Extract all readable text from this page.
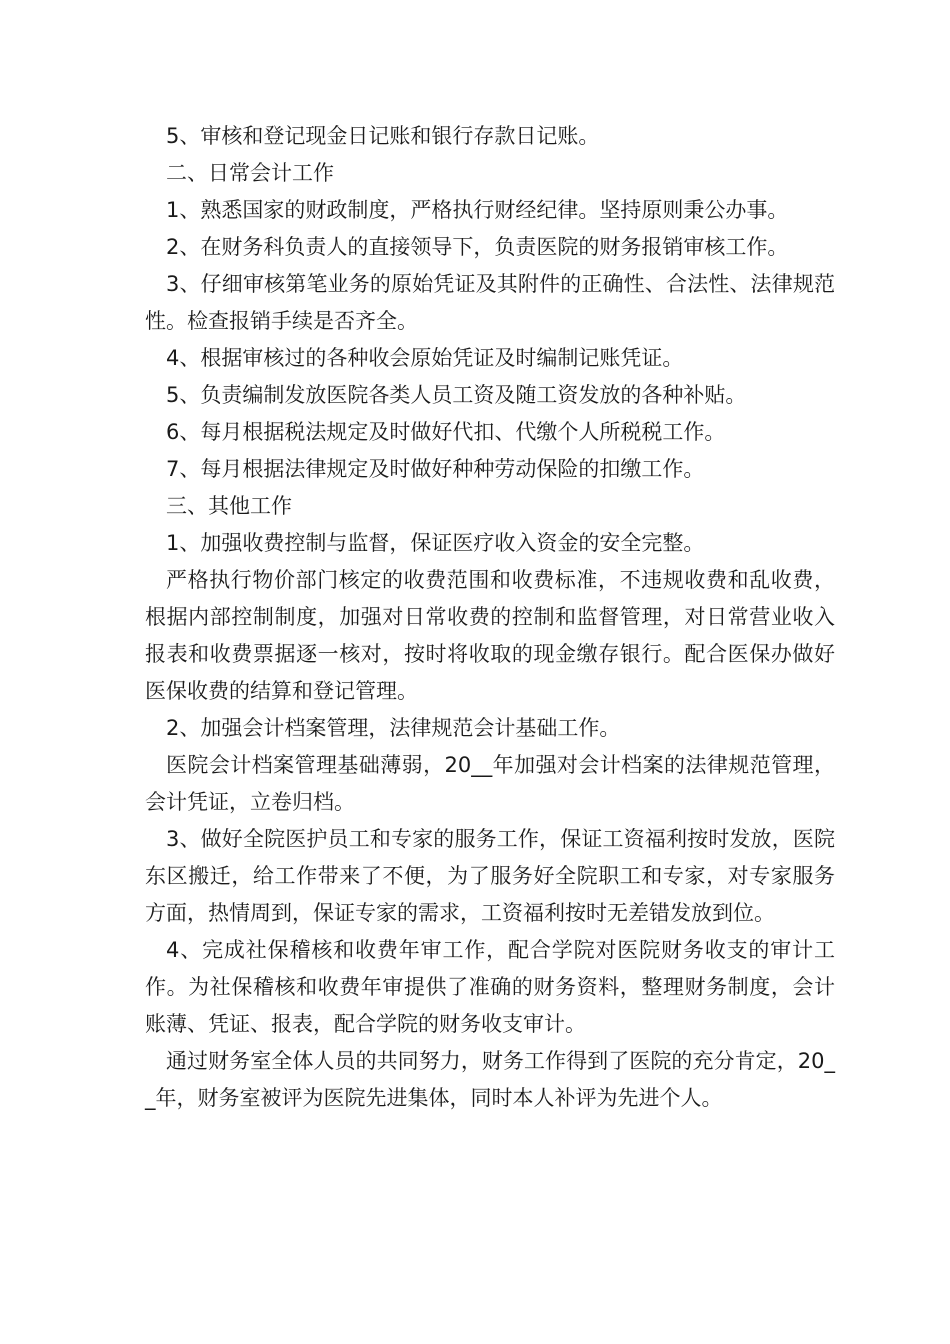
5、审核和登记现金日记账和银行存款日记账。

二、日常会计工作

1、熟悉国家的财政制度，严格执行财经纪律。坚持原则秉公办事。

2、在财务科负责人的直接领导下，负责医院的财务报销审核工作。

3、仔细审核第笔业务的原始凭证及其附件的正确性、合法性、法律规范性。检查报销手续是否齐全。

4、根据审核过的各种收会原始凭证及时编制记账凭证。

5、负责编制发放医院各类人员工资及随工资发放的各种补贴。

6、每月根据税法规定及时做好代扣、代缴个人所税税工作。

7、每月根据法律规定及时做好种种劳动保险的扣缴工作。

三、其他工作

1、加强收费控制与监督，保证医疗收入资金的安全完整。

严格执行物价部门核定的收费范围和收费标准，不违规收费和乱收费，根据内部控制制度，加强对日常收费的控制和监督管理，对日常营业收入报表和收费票据逐一核对，按时将收取的现金缴存银行。配合医保办做好医保收费的结算和登记管理。

2、加强会计档案管理，法律规范会计基础工作。

医院会计档案管理基础薄弱，20__年加强对会计档案的法律规范管理，会计凭证，立卷归档。

3、做好全院医护员工和专家的服务工作，保证工资福利按时发放，医院东区搬迁，给工作带来了不便，为了服务好全院职工和专家，对专家服务方面，热情周到，保证专家的需求，工资福利按时无差错发放到位。

4、完成社保稽核和收费年审工作，配合学院对医院财务收支的审计工作。为社保稽核和收费年审提供了准确的财务资料，整理财务制度，会计账薄、凭证、报表，配合学院的财务收支审计。

通过财务室全体人员的共同努力，财务工作得到了医院的充分肯定，20__年，财务室被评为医院先进集体，同时本人补评为先进个人。
